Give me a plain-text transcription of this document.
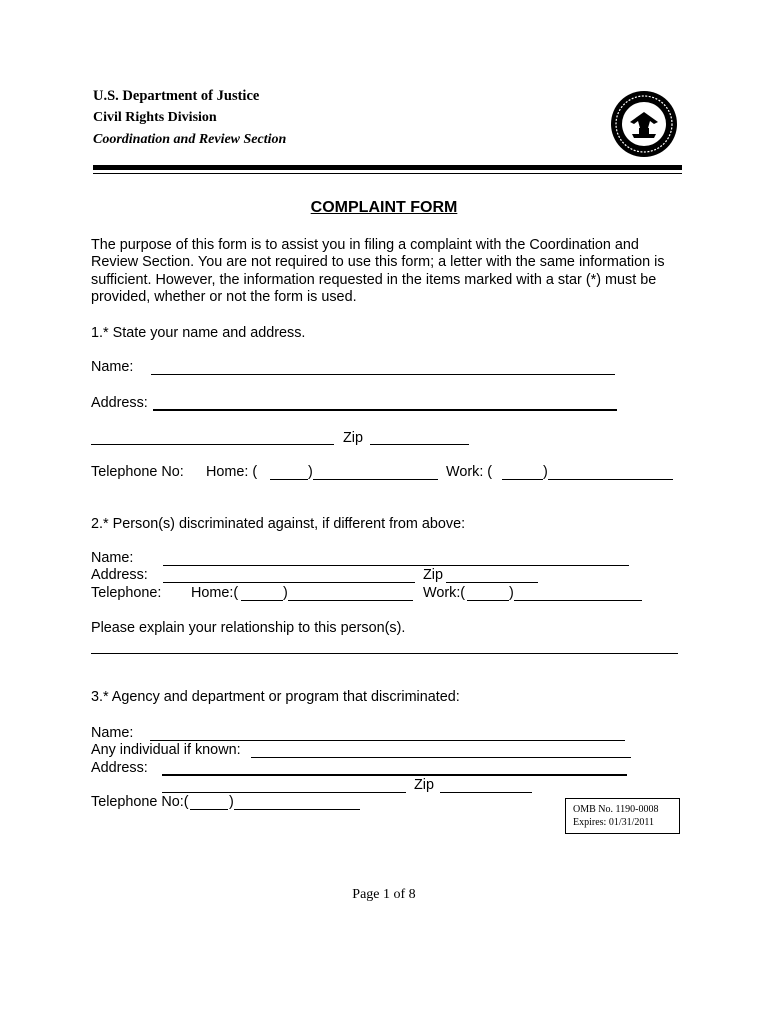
U.S. Department of Justice
Civil Rights Division
Coordination and Review Section
COMPLAINT FORM
The purpose of this form is to assist you in filing a complaint with the Coordination and Review Section. You are not required to use this form; a letter with the same information is sufficient. However, the information requested in the items marked with a star (*) must be provided, whether or not the form is used.
1.* State your name and address.
Name:
Address:
Zip
Telephone No: Home: (	)	Work: (	)
2.* Person(s) discriminated against, if different from above:
Name:
Address:	Zip
Telephone: Home:(	)	Work:(	)
Please explain your relationship to this person(s).
3.* Agency and department or program that discriminated:
Name:
Any individual if known:
Address:
Zip
Telephone No:(	)	OMB No. 1190-0008
Expires: 01/31/2011
Page 1 of 8
